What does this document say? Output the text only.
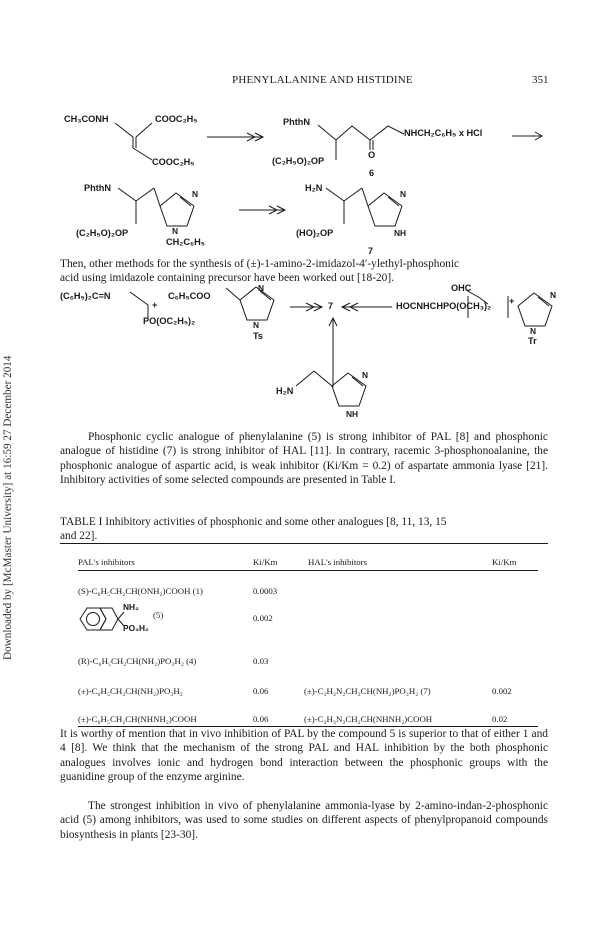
PHENYLALANINE AND HISTIDINE	351
Downloaded by [McMaster University] at 16:59 27 December 2014
CH₃CONH	COOC₂H₅
COOC₂H₅
PhthN
NHCH₂C₆H₅ x HCl
(C₂H₅O)₂OP
O
6
PhthN
(C₂H₅O)₂OP
N
N
CH₂C₆H₅
H₂N
(HO)₂OP
N
NH
7
Then, other methods for the synthesis of (±)-1-amino-2-imidazol-4′-ylethyl-phosphonic
acid using imidazole containing precursor have been worked out [18-20].
(C₆H₅)₂C=N
+
PO(OC₂H₅)₂
C₆H₅COO
N
N
Ts
7
OHC
HOCNHCHPO(OCH₃)₂ +
N
N
Tr
H₂N
N
NH

Phosphonic cyclic analogue of phenylalanine (5) is strong inhibitor of PAL [8] and phosphonic analogue of histidine (7) is strong inhibitor of HAL [11]. In contrary, racemic 3-phosphonoalanine, the phosphonic analogue of aspartic acid, is weak inhibitor (Ki/Km = 0.2) of aspartate ammonia lyase [21]. Inhibitory activities of some selected compounds are presented in Table I.

TABLE I Inhibitory activities of phosphonic and some other analogues [8, 11, 13, 15
and 22].
PAL's inhibitors	Ki/Km	HAL's inhibitors	Ki/Km
(S)-C₆H₅CH₂CH(ONH₂)COOH (1)	0.0003
NH₂
PO₃H₂
(5)	0.002
(R)-C₆H₅CH₂CH(NH₂)PO₃H₂ (4)	0.03
(±)-C₆H₅CH₂CH(NH₂)PO₃H₂	0.06	(±)-C₃H₃N₂CH₂CH(NH₂)PO₃H₂ (7)	0.002
(±)-C₆H₅CH₂CH(NHNH₂)COOH	0.06	(±)-C₃H₃N₂CH₂CH(NHNH₂)COOH	0.02

It is worthy of mention that in vivo inhibition of PAL by the compound 5 is superior to that of either 1 and 4 [8]. We think that the mechanism of the strong PAL and HAL inhibition by the both phosphonic analogues involves ionic and hydrogen bond interaction between the phosphonic groups with the guanidine group of the enzyme arginine.

The strongest inhibition in vivo of phenylalanine ammonia-lyase by 2-amino-indan-2-phosphonic acid (5) among inhibitors, was used to some studies on different aspects of phenylpropanoid compounds biosynthesis in plants [23-30].
